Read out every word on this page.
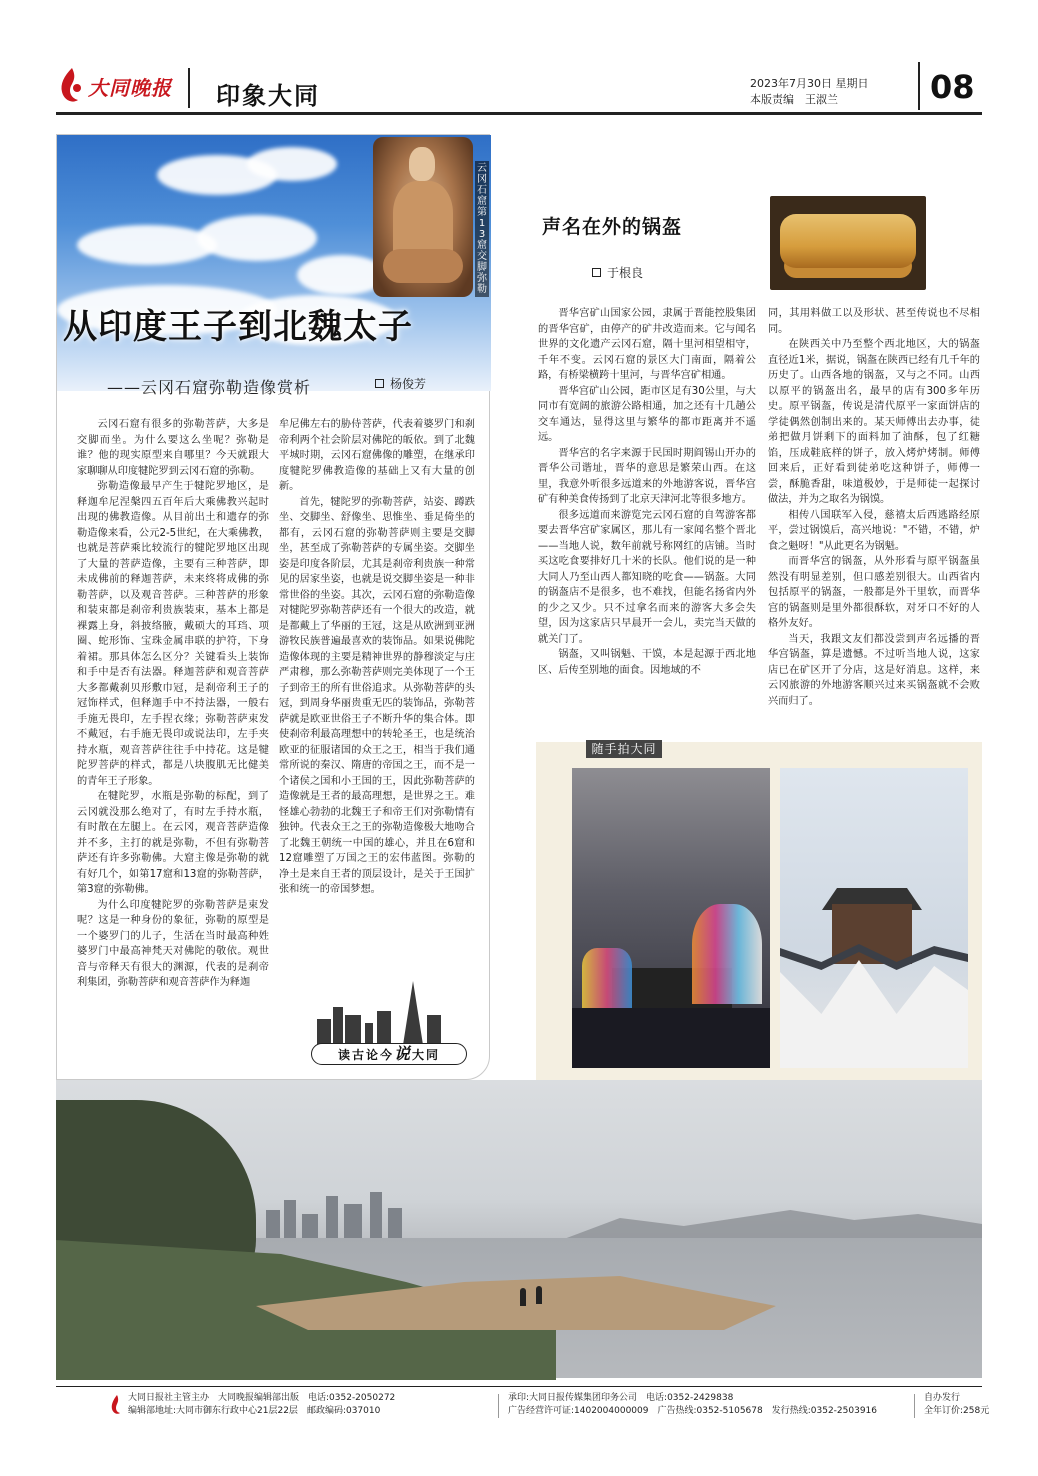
大同晚报 印象大同	2023年7月30日 星期日
本版责编　王淑兰	08
云冈石窟第13窟交脚弥勒
从印度王子到北魏太子
——云冈石窟弥勒造像赏析	杨俊芳

云冈石窟有很多的弥勒菩萨，大多是交脚而坐。为什么要这么坐呢？弥勒是谁？他的现实原型来自哪里？今天就跟大家聊聊从印度犍陀罗到云冈石窟的弥勒。

弥勒造像最早产生于犍陀罗地区，是释迦牟尼涅槃四五百年后大乘佛教兴起时出现的佛教造像。从目前出土和遗存的弥勒造像来看，公元2-5世纪，在大乘佛教，也就是菩萨乘比较流行的犍陀罗地区出现了大量的菩萨造像，主要有三种菩萨，即未成佛前的释迦菩萨，未来终将成佛的弥勒菩萨，以及观音菩萨。三种菩萨的形象和装束都是刹帝利贵族装束，基本上都是裸露上身，斜披络腋，戴硕大的耳珰、项圈、蛇形饰、宝珠金属串联的护符，下身着裙。那具体怎么区分？关键看头上装饰和手中是否有法器。释迦菩萨和观音菩萨大多都戴刹贝形敷巾冠，是刹帝利王子的冠饰样式，但释迦手中不持法器，一般右手施无畏印，左手捏衣缘；弥勒菩萨束发不戴冠，右手施无畏印或说法印，左手夹持水瓶，观音菩萨往往手中持花。这是犍陀罗菩萨的样式，都是八块腹肌无比健美的青年王子形象。

在犍陀罗，水瓶是弥勒的标配，到了云冈就没那么绝对了，有时左手持水瓶，有时散在左腿上。在云冈，观音菩萨造像并不多，主打的就是弥勒，不但有弥勒菩萨还有许多弥勒佛。大窟主像是弥勒的就有好几个，如第17窟和13窟的弥勒菩萨，第3窟的弥勒佛。

为什么印度犍陀罗的弥勒菩萨是束发呢？这是一种身份的象征，弥勒的原型是一个婆罗门的儿子，生活在当时最高种姓婆罗门中最高神梵天对佛陀的敬依。观世音与帝释天有很大的渊源，代表的是刹帝利集团，弥勒菩萨和观音菩萨作为释迦

牟尼佛左右的胁侍菩萨，代表着婆罗门和刹帝利两个社会阶层对佛陀的皈依。到了北魏平城时期，云冈石窟佛像的雕塑，在继承印度犍陀罗佛教造像的基础上又有大量的创新。

首先，犍陀罗的弥勒菩萨，站姿、蹲跌坐、交脚坐、舒像坐、思惟坐、垂足倚坐的都有，云冈石窟的弥勒菩萨则主要是交脚坐，甚至成了弥勒菩萨的专属坐姿。交脚坐姿是印度各阶层，尤其是刹帝利贵族一种常见的居家坐姿，也就是说交脚坐姿是一种非常世俗的坐姿。其次，云冈石窟的弥勒造像对犍陀罗弥勒菩萨还有一个很大的改造，就是都戴上了华丽的王冠，这是从欧洲到亚洲游牧民族普遍最喜欢的装饰品。如果说佛陀造像体现的主要是精神世界的静穆淡定与庄严肃穆，那么弥勒菩萨则完美体现了一个王子到帝王的所有世俗追求。从弥勒菩萨的头冠，到周身华丽贵重无匹的装饰品，弥勒菩萨就是欧亚世俗王子不断升华的集合体。即使刹帝利最高理想中的转轮圣王，也是统治欧亚的征服诸国的众王之王，相当于我们通常所说的秦汉、隋唐的帝国之王，而不是一个诸侯之国和小王国的王，因此弥勒菩萨的造像就是王者的最高理想，是世界之王。难怪雄心勃勃的北魏王子和帝王们对弥勒情有独钟。代表众王之王的弥勒造像极大地吻合了北魏王朝统一中国的雄心，并且在6窟和12窟雕塑了万国之王的宏伟蓝图。弥勒的净土是来自王者的顶层设计，是关于王国扩张和统一的帝国梦想。

读古论今说大同
声名在外的锅盔
于根良

晋华宫矿山国家公园，隶属于晋能控股集团的晋华宫矿，由停产的矿井改造而来。它与闻名世界的文化遗产云冈石窟，隔十里河相望相守，千年不变。云冈石窟的景区大门南面，隔着公路，有桥梁横跨十里河，与晋华宫矿相通。

晋华宫矿山公园，距市区足有30公里，与大同市有宽阔的旅游公路相通，加之还有十几趟公交车通达，显得这里与繁华的都市距离并不遥远。

晋华宫的名字来源于民国时期阎锡山开办的晋华公司谐址，晋华的意思是繁荣山西。在这里，我意外听很多远道来的外地游客说，晋华宫矿有种美食传扬到了北京天津河北等很多地方。

很多远道而来游览完云冈石窟的自驾游客都要去晋华宫矿家属区，那儿有一家闻名整个晋北——当地人说，数年前就号称网红的店铺。当时买这吃食要排好几十米的长队。他们说的是一种大同人乃至山西人都知晓的吃食——锅盔。大同的锅盔店不是很多，也不难找，但能名扬省内外的少之又少。只不过拿名而来的游客大多会失望，因为这家店只早晨开一会儿，卖完当天做的就关门了。

锅盔，又叫锅魁、干馍，本是起源于西北地区、后传至别地的面食。因地域的不

同，其用料做工以及形状、甚至传说也不尽相同。

在陕西关中乃至整个西北地区，大的锅盔直径近1米，据说，锅盔在陕西已经有几千年的历史了。山西各地的锅盔，又与之不同。山西以原平的锅盔出名，最早的店有300多年历史。原平锅盔，传说是清代原平一家面饼店的学徒偶然创制出来的。某天师傅出去办事，徒弟把做月饼剩下的面料加了油酥，包了红糖馅，压成鞋底样的饼子，放入烤炉烤制。师傅回来后，正好看到徒弟吃这种饼子，师傅一尝，酥脆香甜，味道极妙，于是师徒一起探讨做法，并为之取名为锅馍。

相传八国联军入侵，慈禧太后西逃路经原平，尝过锅馍后，高兴地说："不错，不错，炉食之魁呀！"从此更名为锅魁。

而晋华宫的锅盔，从外形看与原平锅盔虽然没有明显差别，但口感差别很大。山西省内包括原平的锅盔，一般都是外干里软，而晋华宫的锅盔则是里外都很酥软，对牙口不好的人格外友好。

当天，我跟文友们都没尝到声名远播的晋华宫锅盔，算是遗憾。不过听当地人说，这家店已在矿区开了分店，这是好消息。这样，来云冈旅游的外地游客顺兴过来买锅盔就不会败兴而归了。

随手拍大同
大同日报社主管主办　大同晚报编辑部出版　电话:0352-2050272
编辑部地址:大同市御东行政中心21层22层　邮政编码:037010
承印:大同日报传媒集团印务公司　电话:0352-2429838
广告经营许可证:1402004000009　广告热线:0352-5105678　发行热线:0352-2503916
自办发行
全年订价:258元
